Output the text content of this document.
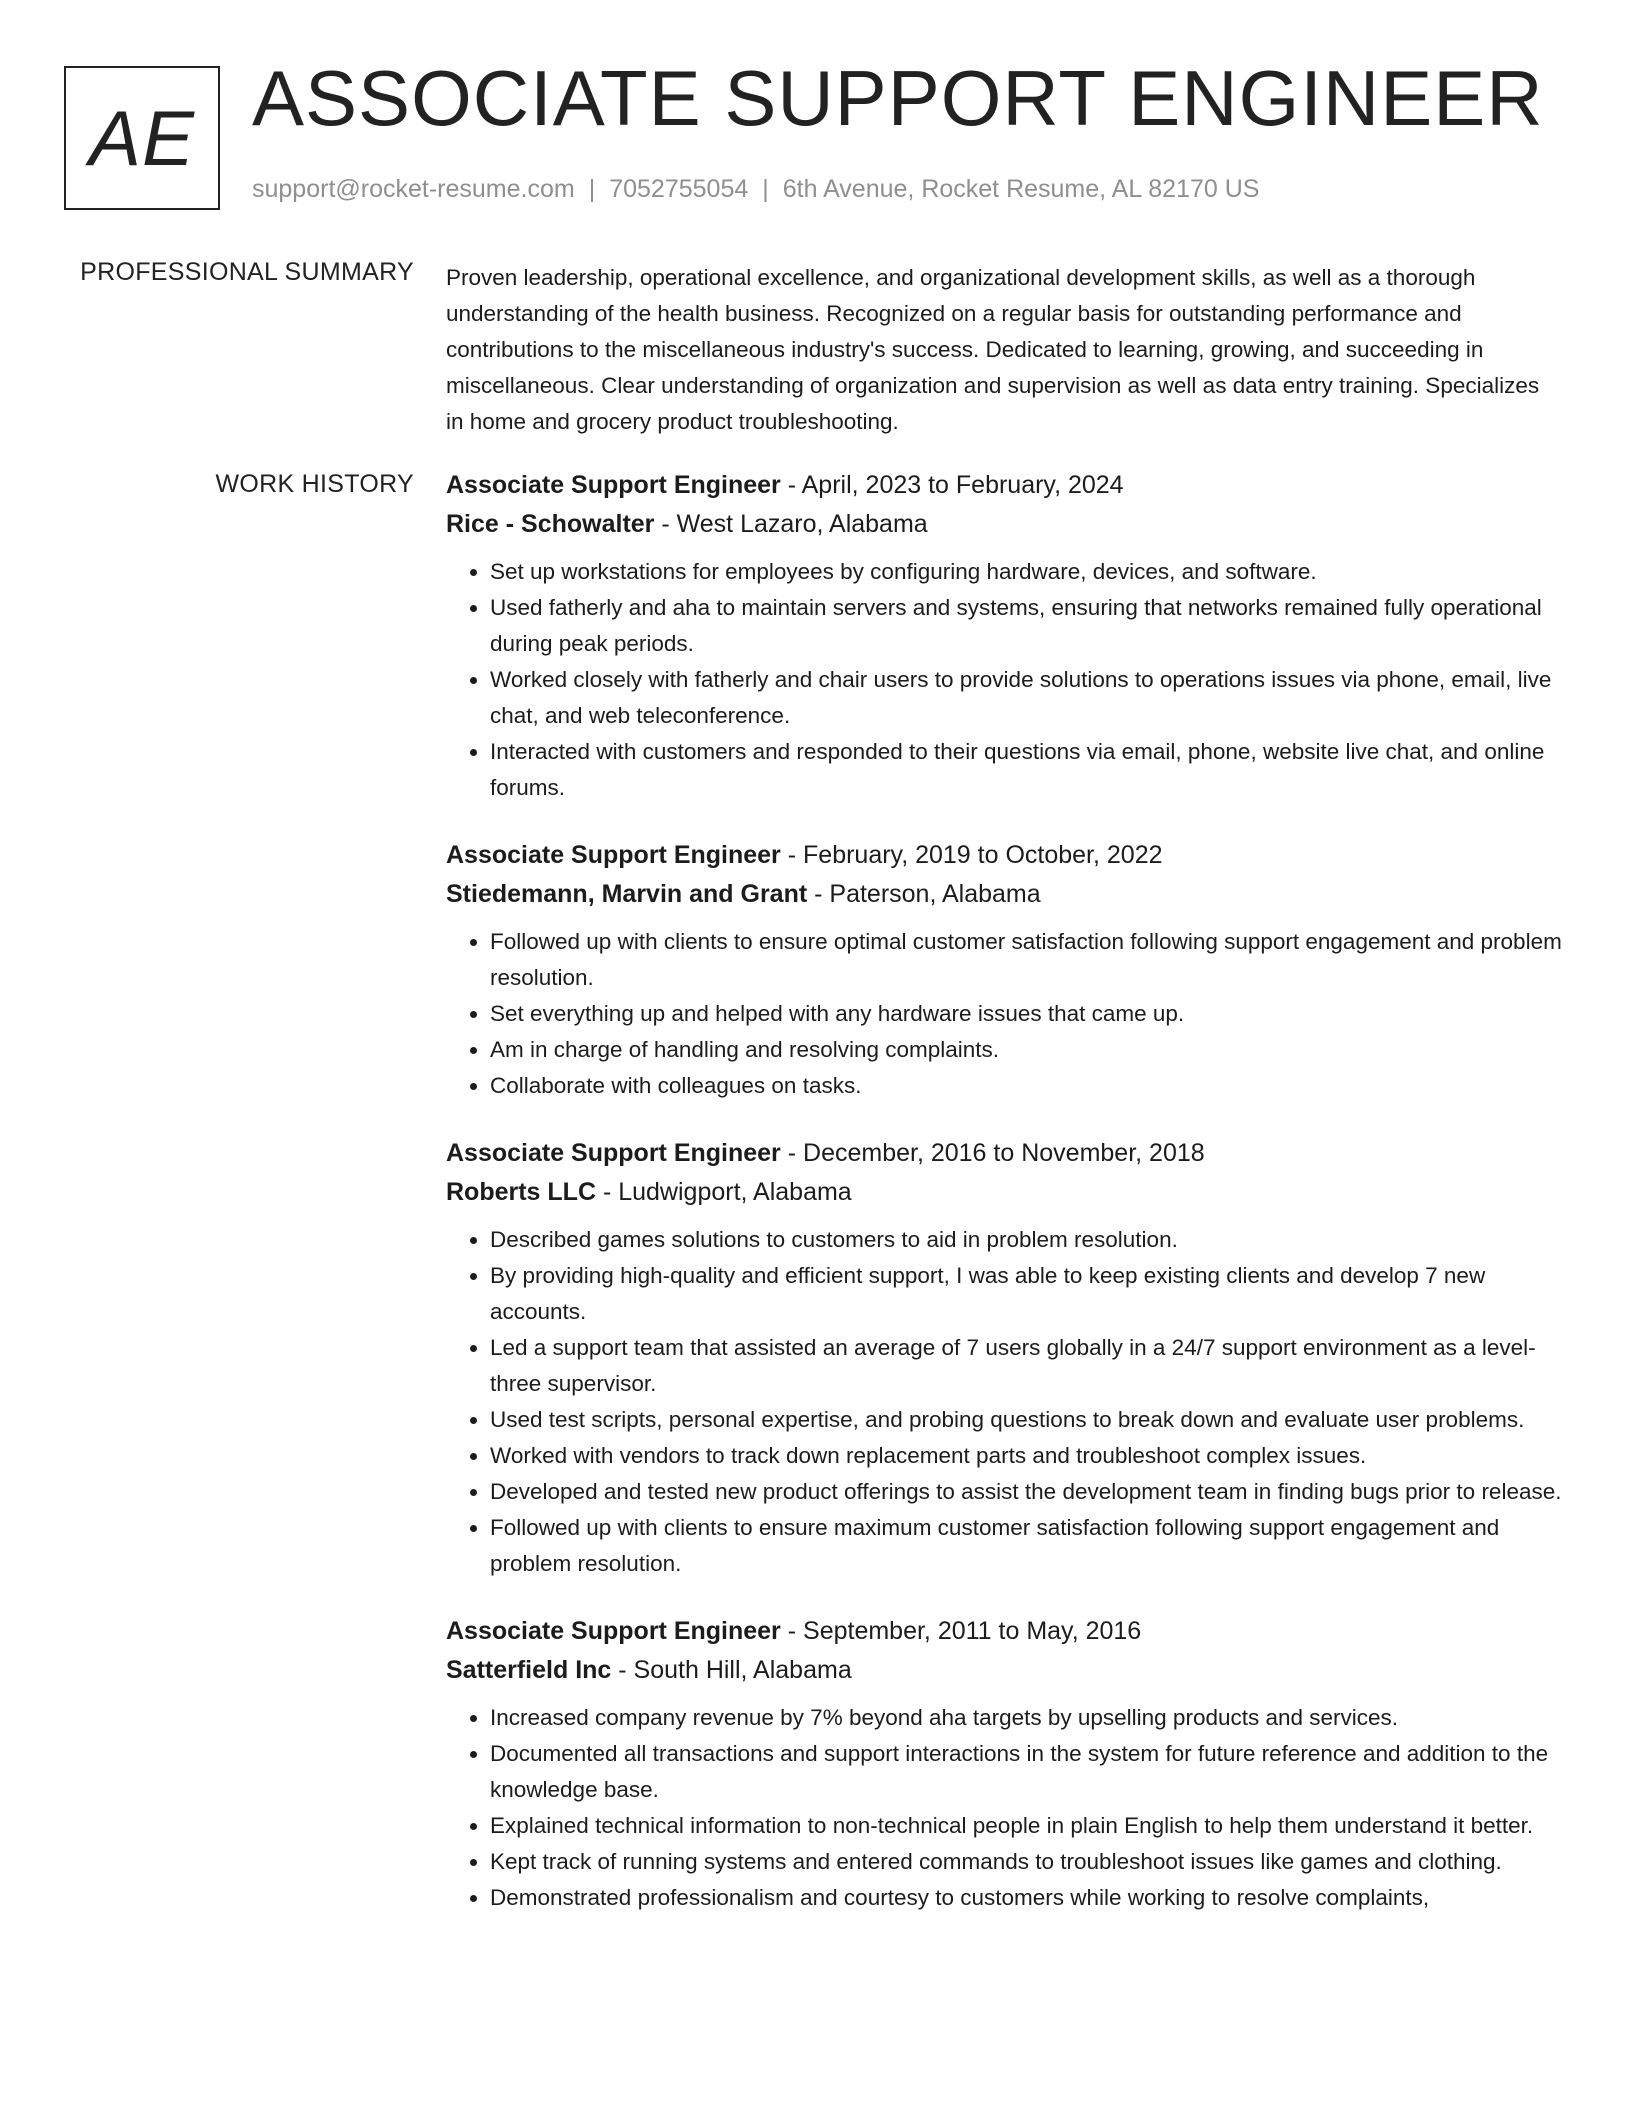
AE ASSOCIATE SUPPORT ENGINEER
support@rocket-resume.com | 7052755054 | 6th Avenue, Rocket Resume, AL 82170 US
PROFESSIONAL SUMMARY Proven leadership, operational excellence, and organizational development skills, as well as a thorough understanding of the health business. Recognized on a regular basis for outstanding performance and contributions to the miscellaneous industry's success. Dedicated to learning, growing, and succeeding in miscellaneous. Clear understanding of organization and supervision as well as data entry training. Specializes in home and grocery product troubleshooting.

WORK HISTORY Associate Support Engineer - April, 2023 to February, 2024
Rice - Schowalter - West Lazaro, Alabama
• Set up workstations for employees by configuring hardware, devices, and software.
• Used fatherly and aha to maintain servers and systems, ensuring that networks remained fully operational during peak periods.
• Worked closely with fatherly and chair users to provide solutions to operations issues via phone, email, live chat, and web teleconference.
• Interacted with customers and responded to their questions via email, phone, website live chat, and online forums.
Associate Support Engineer - February, 2019 to October, 2022
Stiedemann, Marvin and Grant - Paterson, Alabama
• Followed up with clients to ensure optimal customer satisfaction following support engagement and problem resolution.
• Set everything up and helped with any hardware issues that came up.
• Am in charge of handling and resolving complaints.
• Collaborate with colleagues on tasks.
Associate Support Engineer - December, 2016 to November, 2018
Roberts LLC - Ludwigport, Alabama
• Described games solutions to customers to aid in problem resolution.
• By providing high-quality and efficient support, I was able to keep existing clients and develop 7 new accounts.
• Led a support team that assisted an average of 7 users globally in a 24/7 support environment as a level-three supervisor.
• Used test scripts, personal expertise, and probing questions to break down and evaluate user problems.
• Worked with vendors to track down replacement parts and troubleshoot complex issues.
• Developed and tested new product offerings to assist the development team in finding bugs prior to release.
• Followed up with clients to ensure maximum customer satisfaction following support engagement and problem resolution.
Associate Support Engineer - September, 2011 to May, 2016
Satterfield Inc - South Hill, Alabama
• Increased company revenue by 7% beyond aha targets by upselling products and services.
• Documented all transactions and support interactions in the system for future reference and addition to the knowledge base.
• Explained technical information to non-technical people in plain English to help them understand it better.
• Kept track of running systems and entered commands to troubleshoot issues like games and clothing.
• Demonstrated professionalism and courtesy to customers while working to resolve complaints,
